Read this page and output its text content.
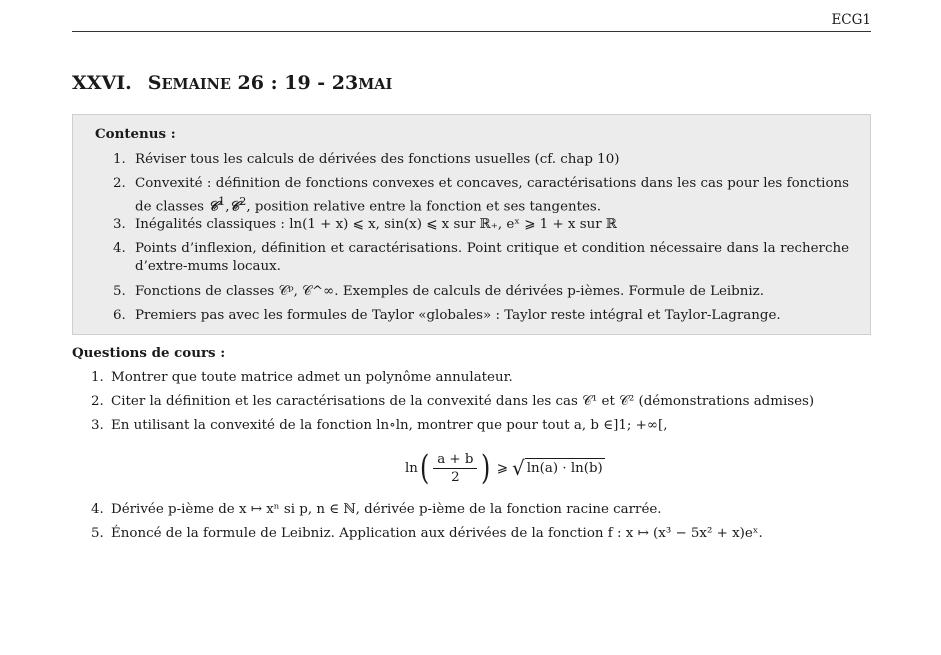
ECG1
XXVI. SEMAINE 26 : 19 - 23MAI
Contenus :
1. Réviser tous les calculs de dérivées des fonctions usuelles (cf. chap 10)
2. Convexité : définition de fonctions convexes et concaves, caractérisations dans les cas pour les fonctions de classes 𝒞$^1$,𝒞$^2$, position relative entre la fonction et ses tangentes.
3. Inégalités classiques : ln(1 + x) ⩽ x, sin(x) ⩽ x sur ℝ₊, eˣ ⩾ 1 + x sur ℝ
4. Points d’inflexion, définition et caractérisations. Point critique et condition nécessaire dans la recherche d’extre-mums locaux.
5. Fonctions de classes 𝒞ᵖ, 𝒞^∞. Exemples de calculs de dérivées p-ièmes. Formule de Leibniz.
6. Premiers pas avec les formules de Taylor «globales» : Taylor reste intégral et Taylor-Lagrange.
Questions de cours :
1. Montrer que toute matrice admet un polynôme annulateur.
2. Citer la définition et les caractérisations de la convexité dans les cas 𝒞¹ et 𝒞² (démonstrations admises)
3. En utilisant la convexité de la fonction ln∘ln, montrer que pour tout a, b ∈]1; +∞[,
ln ( $\frac{a + b}{2}$ ) ⩾ √ ln(a) · ln(b)
4. Dérivée p-ième de x ↦ xⁿ si p, n ∈ ℕ, dérivée p-ième de la fonction racine carrée.
5. Énoncé de la formule de Leibniz. Application aux dérivées de la fonction f : x ↦ (x³ − 5x² + x)eˣ.
